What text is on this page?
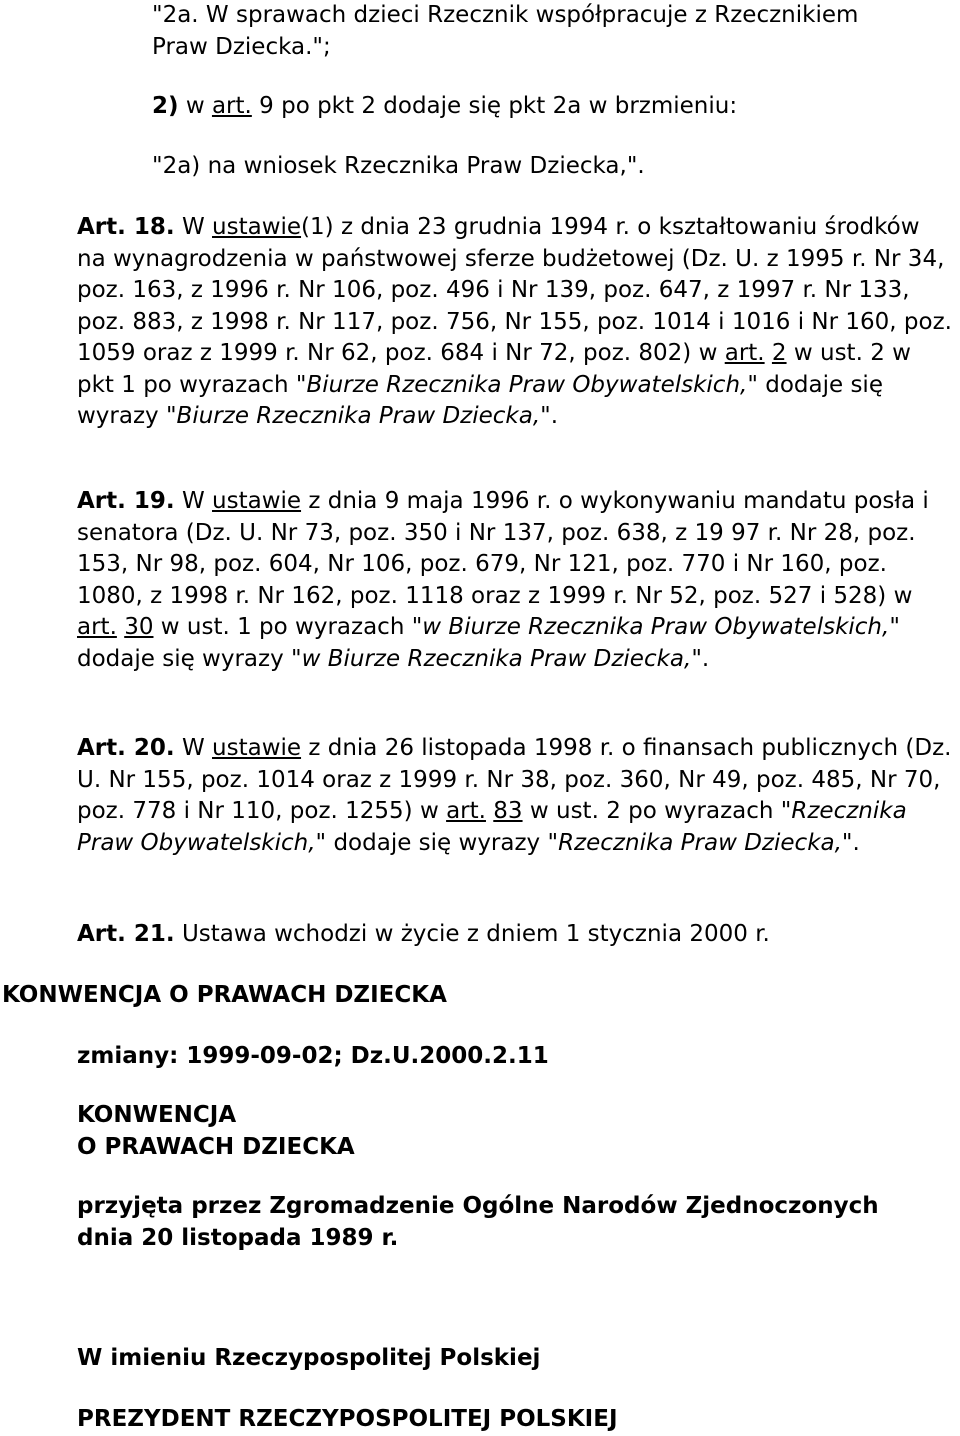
"2a. W sprawach dzieci Rzecznik współpracuje z Rzecznikiem

Praw Dziecka.";

2) w art. 9 po pkt 2 dodaje się pkt 2a w brzmieniu:

"2a) na wniosek Rzecznika Praw Dziecka,".

Art. 18. W ustawie(1) z dnia 23 grudnia 1994 r. o kształtowaniu środków na wynagrodzenia w państwowej sferze budżetowej (Dz. U. z 1995 r. Nr 34, poz. 163, z 1996 r. Nr 106, poz. 496 i Nr 139, poz. 647, z 1997 r. Nr 133, poz. 883, z 1998 r. Nr 117, poz. 756, Nr 155, poz. 1014 i 1016 i Nr 160, poz. 1059 oraz z 1999 r. Nr 62, poz. 684 i Nr 72, poz. 802) w art. 2 w ust. 2 w pkt 1 po wyrazach "Biurze Rzecznika Praw Obywatelskich," dodaje się wyrazy "Biurze Rzecznika Praw Dziecka,".

Art. 19. W ustawie z dnia 9 maja 1996 r. o wykonywaniu mandatu posła i senatora (Dz. U. Nr 73, poz. 350 i Nr 137, poz. 638, z 19 97 r. Nr 28, poz. 153, Nr 98, poz. 604, Nr 106, poz. 679, Nr 121, poz. 770 i Nr 160, poz. 1080, z 1998 r. Nr 162, poz. 1118 oraz z 1999 r. Nr 52, poz. 527 i 528) w art. 30 w ust. 1 po wyrazach "w Biurze Rzecznika Praw Obywatelskich," dodaje się wyrazy "w Biurze Rzecznika Praw Dziecka,".

Art. 20. W ustawie z dnia 26 listopada 1998 r. o finansach publicznych (Dz. U. Nr 155, poz. 1014 oraz z 1999 r. Nr 38, poz. 360, Nr 49, poz. 485, Nr 70, poz. 778 i Nr 110, poz. 1255) w art. 83 w ust. 2 po wyrazach "Rzecznika Praw Obywatelskich," dodaje się wyrazy "Rzecznika Praw Dziecka,".

Art. 21. Ustawa wchodzi w życie z dniem 1 stycznia 2000 r.

KONWENCJA O PRAWACH DZIECKA

zmiany: 1999-09-02; Dz.U.2000.2.11

KONWENCJA

O PRAWACH DZIECKA

przyjęta przez Zgromadzenie Ogólne Narodów Zjednoczonych

dnia 20 listopada 1989 r.

W imieniu Rzeczypospolitej Polskiej

PREZYDENT RZECZYPOSPOLITEJ POLSKIEJ
